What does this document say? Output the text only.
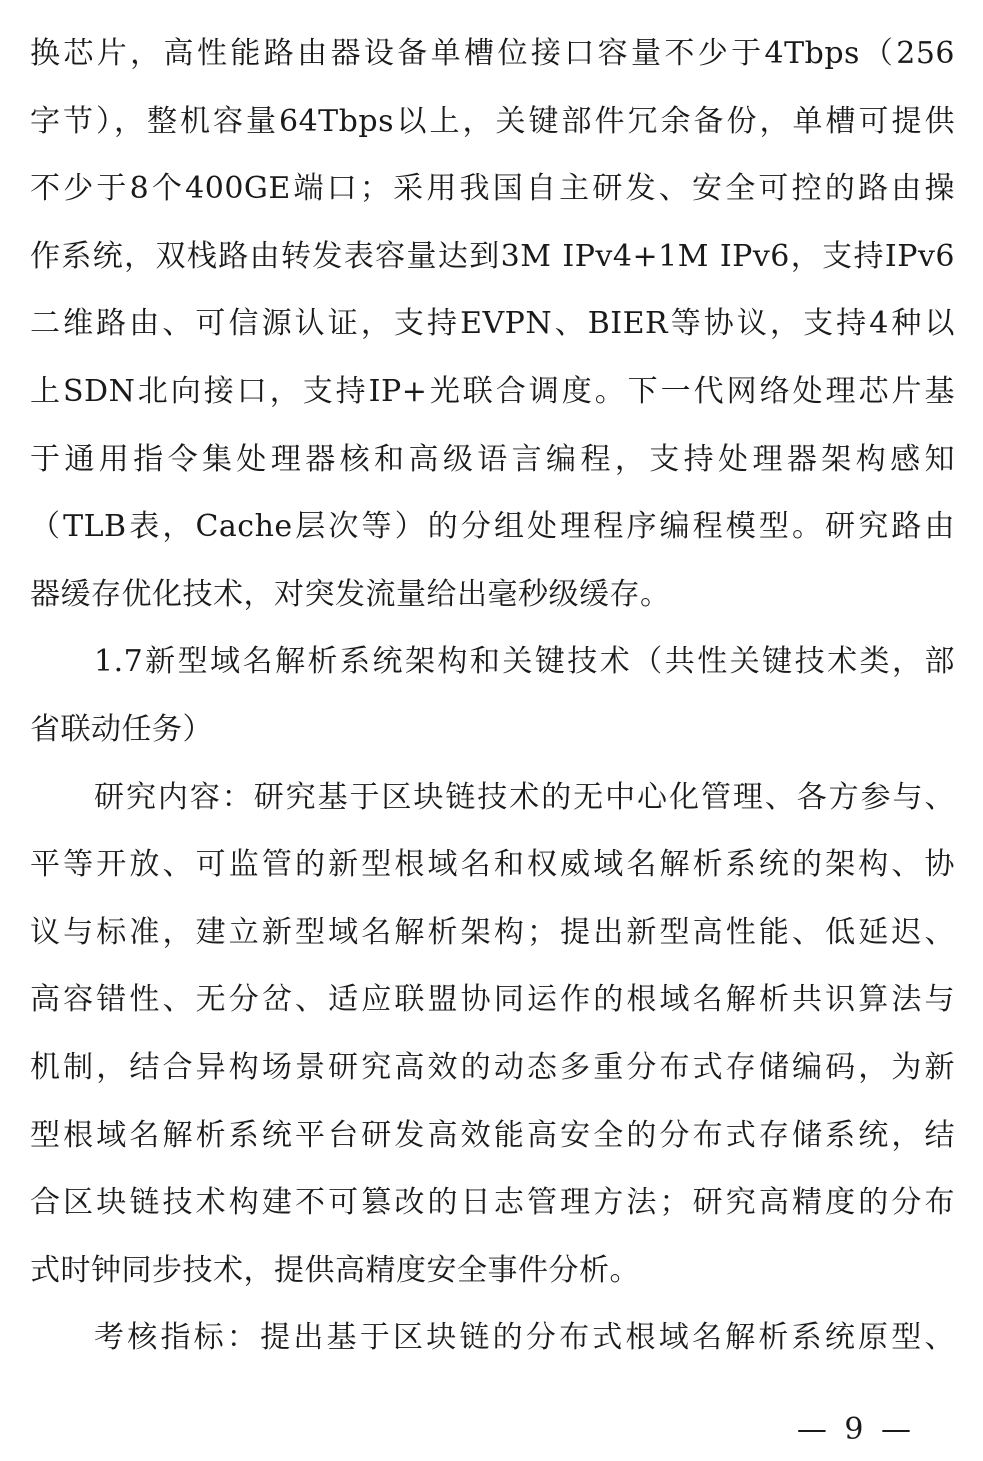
换芯片，高性能路由器设备单槽位接口容量不少于4Tbps（256
字节），整机容量64Tbps以上，关键部件冗余备份，单槽可提供
不少于8个400GE端口；采用我国自主研发、安全可控的路由操
作系统，双栈路由转发表容量达到3M IPv4+1M IPv6，支持IPv6
二维路由、可信源认证，支持EVPN、BIER等协议，支持4种以
上SDN北向接口，支持IP+光联合调度。下一代网络处理芯片基
于通用指令集处理器核和高级语言编程，支持处理器架构感知
（TLB表，Cache层次等）的分组处理程序编程模型。研究路由
器缓存优化技术，对突发流量给出毫秒级缓存。
1.7新型域名解析系统架构和关键技术（共性关键技术类，部
省联动任务）
研究内容：研究基于区块链技术的无中心化管理、各方参与、
平等开放、可监管的新型根域名和权威域名解析系统的架构、协
议与标准，建立新型域名解析架构；提出新型高性能、低延迟、
高容错性、无分岔、适应联盟协同运作的根域名解析共识算法与
机制，结合异构场景研究高效的动态多重分布式存储编码，为新
型根域名解析系统平台研发高效能高安全的分布式存储系统，结
合区块链技术构建不可篡改的日志管理方法；研究高精度的分布
式时钟同步技术，提供高精度安全事件分析。
考核指标：提出基于区块链的分布式根域名解析系统原型、
— 9 —
